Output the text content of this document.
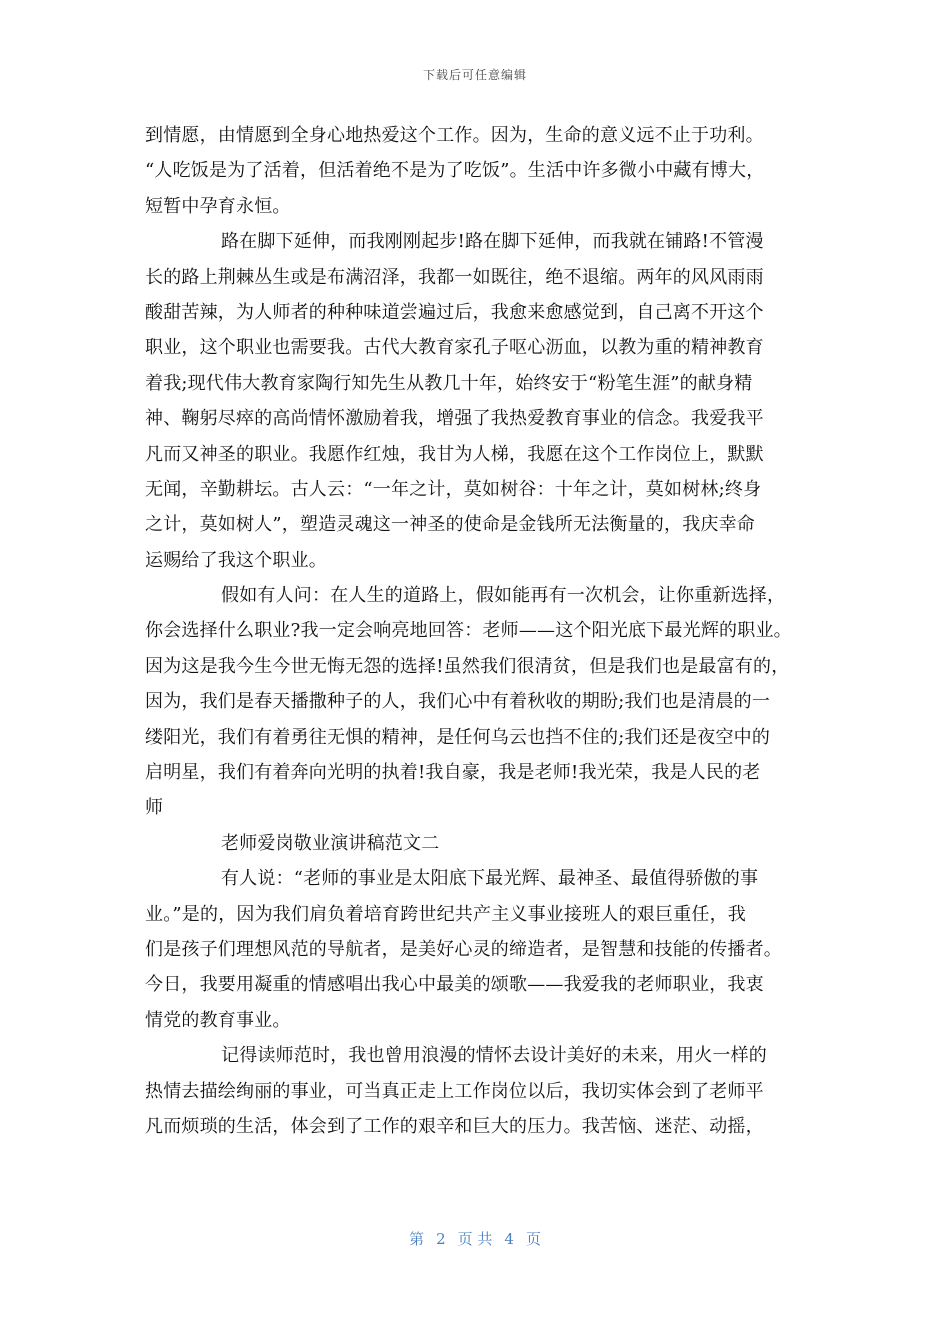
下载后可任意编辑
到情愿，由情愿到全身心地热爱这个工作。因为，生命的意义远不止于功利。
“人吃饭是为了活着，但活着绝不是为了吃饭”。生活中许多微小中藏有博大，
短暂中孕育永恒。
路在脚下延伸，而我刚刚起步!路在脚下延伸，而我就在铺路!不管漫
长的路上荆棘丛生或是布满沼泽，我都一如既往，绝不退缩。两年的风风雨雨
酸甜苦辣，为人师者的种种味道尝遍过后，我愈来愈感觉到，自己离不开这个
职业，这个职业也需要我。古代大教育家孔子呕心沥血，以教为重的精神教育
着我;现代伟大教育家陶行知先生从教几十年，始终安于“粉笔生涯”的献身精
神、鞠躬尽瘁的高尚情怀激励着我，增强了我热爱教育事业的信念。我爱我平
凡而又神圣的职业。我愿作红烛，我甘为人梯，我愿在这个工作岗位上，默默
无闻，辛勤耕坛。古人云：“一年之计，莫如树谷：十年之计，莫如树林;终身
之计，莫如树人”，塑造灵魂这一神圣的使命是金钱所无法衡量的，我庆幸命
运赐给了我这个职业。
假如有人问：在人生的道路上，假如能再有一次机会，让你重新选择，
你会选择什么职业?我一定会响亮地回答：老师——这个阳光底下最光辉的职业。
因为这是我今生今世无悔无怨的选择!虽然我们很清贫，但是我们也是最富有的，
因为，我们是春天播撒种子的人，我们心中有着秋收的期盼;我们也是清晨的一
缕阳光，我们有着勇往无惧的精神，是任何乌云也挡不住的;我们还是夜空中的
启明星，我们有着奔向光明的执着!我自豪，我是老师!我光荣，我是人民的老
师
老师爱岗敬业演讲稿范文二
有人说：“老师的事业是太阳底下最光辉、最神圣、最值得骄傲的事
业。”是的，因为我们肩负着培育跨世纪共产主义事业接班人的艰巨重任，我
们是孩子们理想风范的导航者，是美好心灵的缔造者，是智慧和技能的传播者。
今日，我要用凝重的情感唱出我心中最美的颂歌——我爱我的老师职业，我衷
情党的教育事业。
记得读师范时，我也曾用浪漫的情怀去设计美好的未来，用火一样的
热情去描绘绚丽的事业，可当真正走上工作岗位以后，我切实体会到了老师平
凡而烦琐的生活，体会到了工作的艰辛和巨大的压力。我苦恼、迷茫、动摇，
第 2 页 共 4 页
